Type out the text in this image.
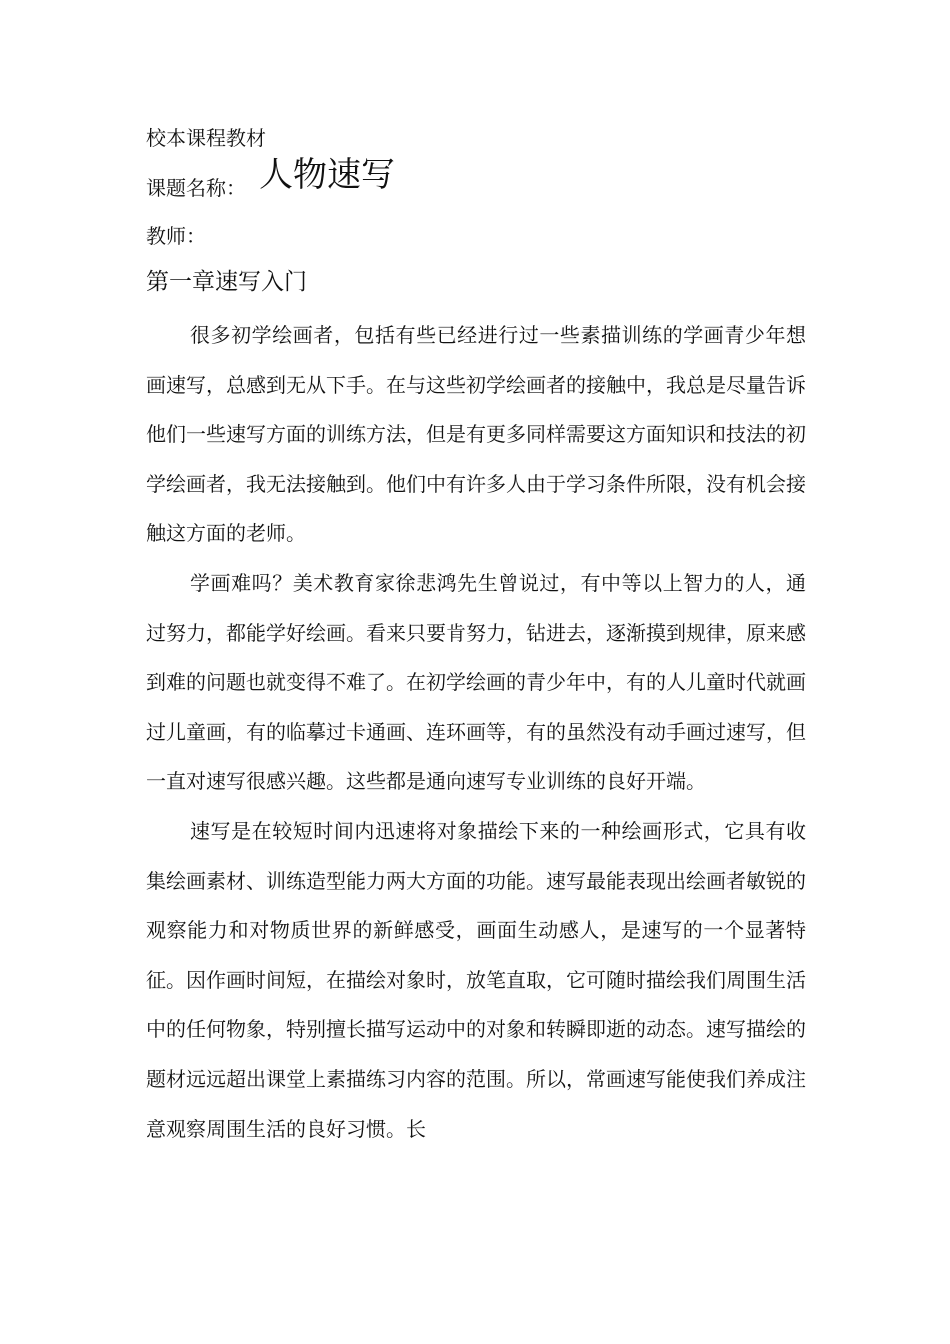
校本课程教材
课题名称： 人物速写
教师：
第一章速写入门

很多初学绘画者，包括有些已经进行过一些素描训练的学画青少年想画速写，总感到无从下手。在与这些初学绘画者的接触中，我总是尽量告诉他们一些速写方面的训练方法，但是有更多同样需要这方面知识和技法的初学绘画者，我无法接触到。他们中有许多人由于学习条件所限，没有机会接触这方面的老师。

学画难吗？美术教育家徐悲鸿先生曾说过，有中等以上智力的人，通过努力，都能学好绘画。看来只要肯努力，钻进去，逐渐摸到规律，原来感到难的问题也就变得不难了。在初学绘画的青少年中，有的人儿童时代就画过儿童画，有的临摹过卡通画、连环画等，有的虽然没有动手画过速写，但一直对速写很感兴趣。这些都是通向速写专业训练的良好开端。

速写是在较短时间内迅速将对象描绘下来的一种绘画形式，它具有收集绘画素材、训练造型能力两大方面的功能。速写最能表现出绘画者敏锐的观察能力和对物质世界的新鲜感受，画面生动感人，是速写的一个显著特征。因作画时间短，在描绘对象时，放笔直取，它可随时描绘我们周围生活中的任何物象，特别擅长描写运动中的对象和转瞬即逝的动态。速写描绘的题材远远超出课堂上素描练习内容的范围。所以，常画速写能使我们养成注意观察周围生活的良好习惯。长
